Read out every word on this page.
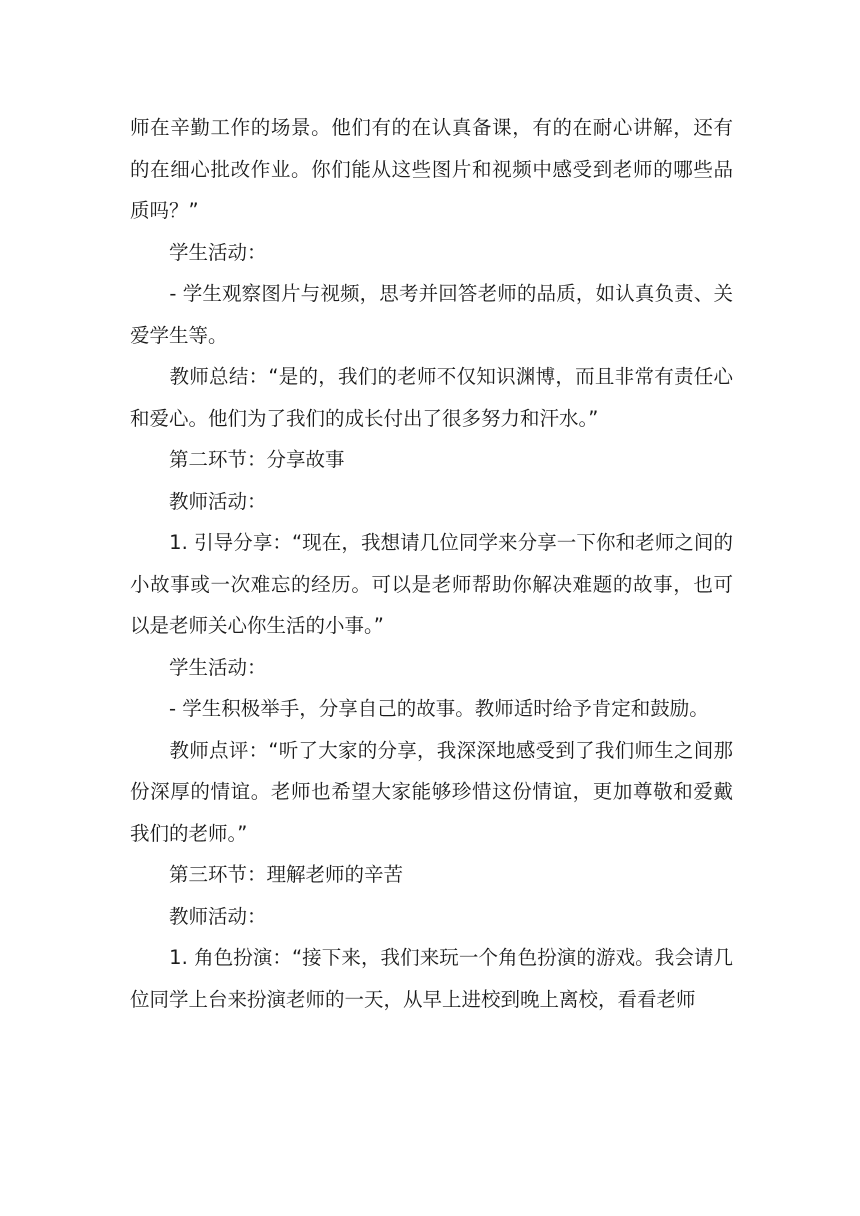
师在辛勤工作的场景。他们有的在认真备课，有的在耐心讲解，还有的在细心批改作业。你们能从这些图片和视频中感受到老师的哪些品质吗？”

　　学生活动：

　　- 学生观察图片与视频，思考并回答老师的品质，如认真负责、关爱学生等。

　　教师总结：“是的，我们的老师不仅知识渊博，而且非常有责任心和爱心。他们为了我们的成长付出了很多努力和汗水。”

　　第二环节：分享故事

　　教师活动：

　　1. 引导分享：“现在，我想请几位同学来分享一下你和老师之间的小故事或一次难忘的经历。可以是老师帮助你解决难题的故事，也可以是老师关心你生活的小事。”

　　学生活动：

　　- 学生积极举手，分享自己的故事。教师适时给予肯定和鼓励。

　　教师点评：“听了大家的分享，我深深地感受到了我们师生之间那份深厚的情谊。老师也希望大家能够珍惜这份情谊，更加尊敬和爱戴我们的老师。”

　　第三环节：理解老师的辛苦

　　教师活动：

　　1. 角色扮演：“接下来，我们来玩一个角色扮演的游戏。我会请几位同学上台来扮演老师的一天，从早上进校到晚上离校，看看老师
